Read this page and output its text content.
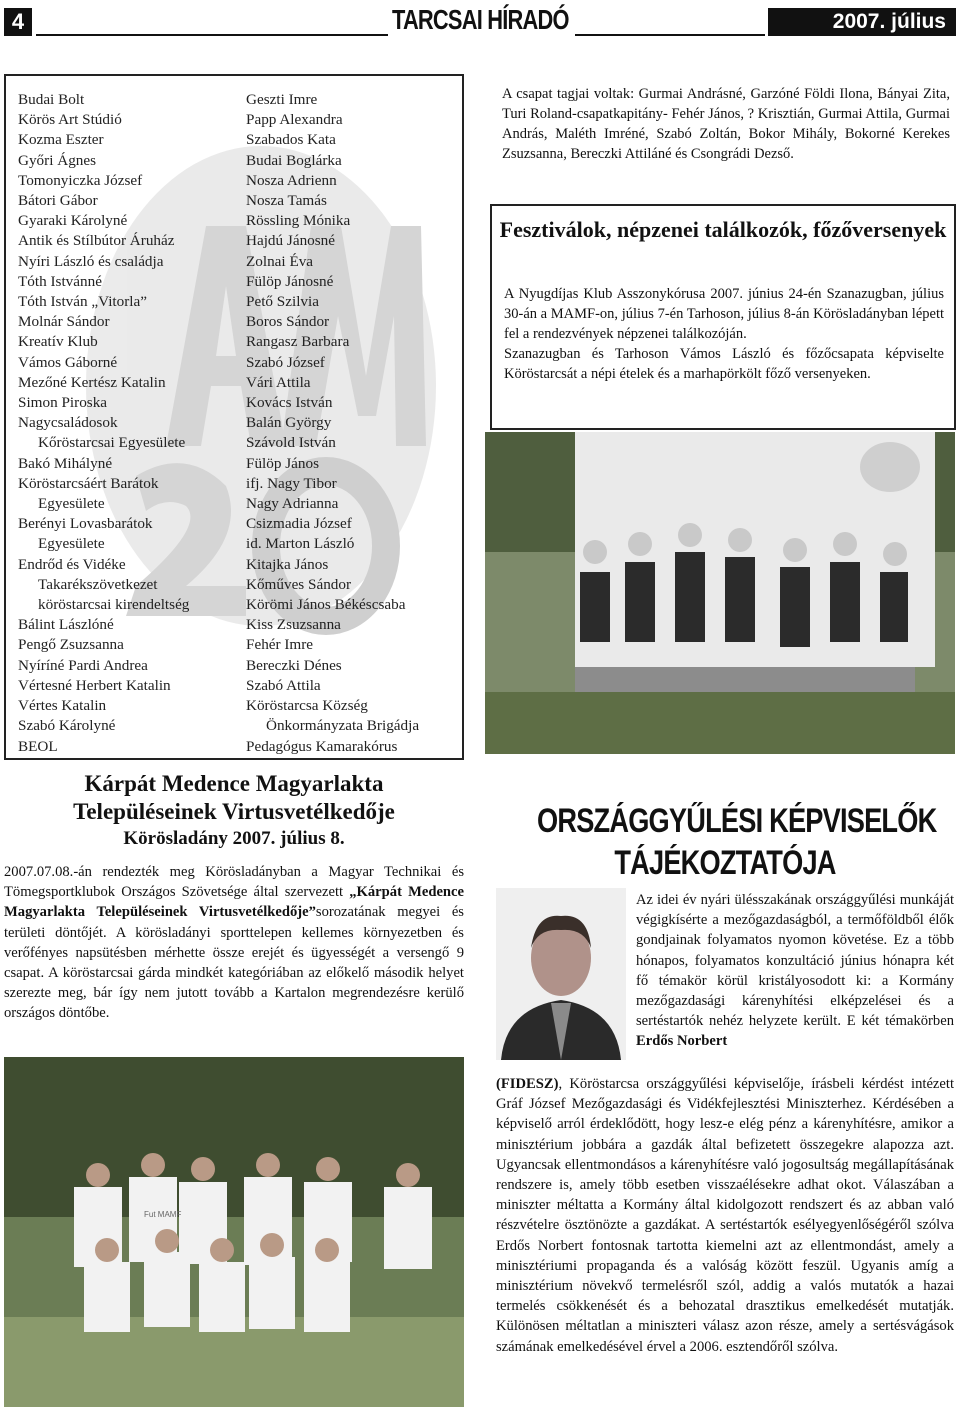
4	TARCSAI HÍRADÓ	2007. július
Budai Bolt
Körös Art Stúdió
Kozma Eszter
Győri Ágnes
Tomonyiczka József
Bátori Gábor
Gyaraki Károlyné
Antik és Stílbútor Áruház
Nyíri László és családja
Tóth Istvánné
Tóth István „Vitorla”
Molnár Sándor
Kreatív Klub
Vámos Gáborné
Mezőné Kertész Katalin
Simon Piroska
Nagycsaládosok
Kőröstarcsai Egyesülete
Bakó Mihályné
Köröstarcsáért Barátok
Egyesülete
Berényi Lovasbarátok
Egyesülete
Endrőd és Vidéke
Takarékszövetkezet
köröstarcsai kirendeltség
Bálint Lászlóné
Pengő Zsuzsanna
Nyíríné Pardi Andrea
Vértesné Herbert Katalin
Vértes Katalin
Szabó Károlyné
BEOL
Geszti Imre
Papp Alexandra
Szabados Kata
Budai Boglárka
Nosza Adrienn
Nosza Tamás
Rössling Mónika
Hajdú Jánosné
Zolnai Éva
Fülöp Jánosné
Pető Szilvia
Boros Sándor
Rangasz Barbara
Szabó József
Vári Attila
Kovács István
Balán György
Szávold István
Fülöp János
ifj. Nagy Tibor
Nagy Adrianna
Csizmadia József
id. Marton László
Kitajka János
Kőműves Sándor
Körömi János Békéscsaba
Kiss Zsuzsanna
Fehér Imre
Bereczki Dénes
Szabó Attila
Köröstarcsa Község
Önkormányzata Brigádja
Pedagógus Kamarakórus
A csapat tagjai voltak: Gurmai Andrásné, Garzóné Földi Ilona, Bányai Zita, Turi Roland-csapatkapitány- Fehér János, ? Krisztián, Gurmai Attila, Gurmai András, Maléth Imréné, Szabó Zoltán, Bokor Mihály, Bokorné Kerekes Zsuzsanna, Bereczki Attiláné és Csongrádi Dezső.
Fesztiválok, népzenei találkozók, főzőversenyek

A Nyugdíjas Klub Asszonykórusa 2007. június 24-én Szanazugban, július 30-án a MAMF-on, július 7-én Tarhoson, július 8-án Körösladányban lépett fel a rendezvények népzenei találkozóján.

Szanazugban és Tarhoson Vámos László és főzőcsapata képviselte Köröstarcsát a népi ételek és a marhapörkölt főző versenyeken.

Kárpát Medence Magyarlakta
Településeinek Virtusvetélkedője
Körösladány 2007. július 8.
2007.07.08.-án rendezték meg Körösladányban a Magyar Technikai és Tömegsportklubok Országos Szövetsége által szervezett „Kárpát Medence Magyarlakta Településeinek Virtusvetélkedője”sorozatának megyei és területi döntőjét. A körösladányi sporttelepen kellemes környezetben és verőfényes napsütésben mérhette össze erejét és ügyességét a versengő 9 csapat. A köröstarcsai gárda mindkét kategóriában az előkelő második helyet szerezte meg, bár így nem jutott tovább a Kartalon megrendezésre kerülő országos döntőbe.
Fut MAMF
ORSZÁGGYŰLÉSI KÉPVISELŐK
TÁJÉKOZTATÓJA
Az idei év nyári ülésszakának országgyűlési munkáját végigkísérte a mezőgazdaságból, a termőföldből élők gondjainak folyamatos nyomon követése. Ez a több hónapos, folyamatos konzultáció június hónapra két fő témakör körül kristályosodott ki: a Kormány mezőgazdasági kárenyhítési elképzelései és a sertéstartók nehéz helyzete került. E két témakörben Erdős Norbert
(FIDESZ), Köröstarcsa országgyűlési képviselője, írásbeli kérdést intézett Gráf József Mezőgazdasági és Vidékfejlesztési Miniszterhez. Kérdésében a képviselő arról érdeklődött, hogy lesz-e elég pénz a kárenyhítésre, amikor a minisztérium jobbára a gazdák által befizetett összegekre alapozza azt. Ugyancsak ellentmondásos a kárenyhítésre való jogosultság megállapításának rendszere is, amely több esetben visszaélésekre adhat okot. Válaszában a miniszter méltatta a Kormány által kidolgozott rendszert és az abban való részvételre ösztönözte a gazdákat. A sertéstartók esélyegyenlőségéről szólva Erdős Norbert fontosnak tartotta kiemelni azt az ellentmondást, amely a minisztériumi propaganda és a valóság között feszül. Ugyanis amíg a minisztérium növekvő termelésről szól, addig a valós mutatók a hazai termelés csökkenését és a behozatal drasztikus emelkedését mutatják. Különösen méltatlan a miniszteri válasz azon része, amely a sertésvágások számának emelkedésével érvel a 2006. esztendőről szólva.
